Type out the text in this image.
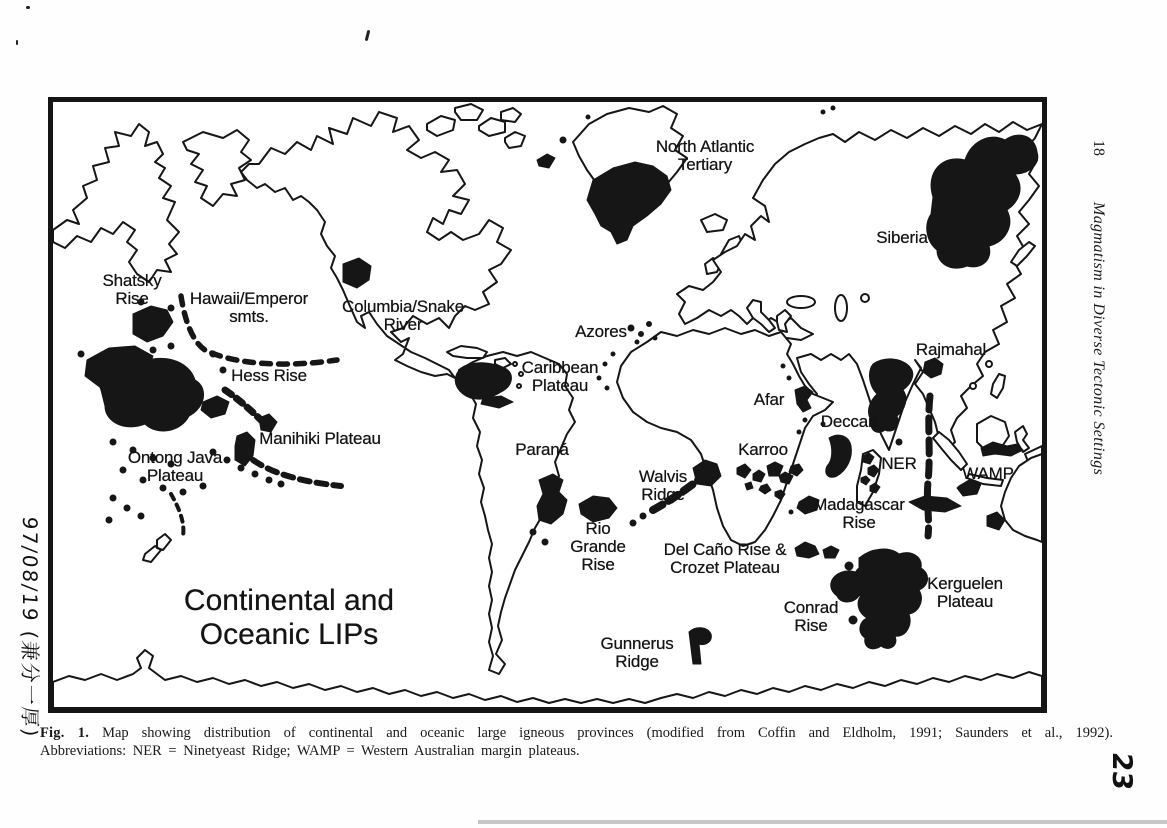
North Atlantic
Tertiary
Siberia
Shatsky
Rise	Hawaii/Emperor
smts.
Columbia/Snake
River	Azores
Caribbean
Plateau
Hess Rise
Manihiki Plateau
Ontong Java
Plateau
Paraná
Rajmahal
Afar
Deccan
Karroo
NER
WAMP
Walvis
Ridge
Madagascar
Rise
Rio
Grande
Rise
Del Caño Rise &
Crozet Plateau
Conrad
Rise
Kerguelen
Plateau
Gunnerus
Ridge
Continental and
Oceanic LIPs
Fig. 1. Map showing distribution of continental and oceanic large igneous provinces (modified from Coffin and Eldholm, 1991; Saunders et al., 1992).
Abbreviations: NER = Ninetyeast Ridge; WAMP = Western Australian margin plateaus.
18Magmatism in Diverse Tectonic Settings
97/08/19 (兼分一厚)
23
